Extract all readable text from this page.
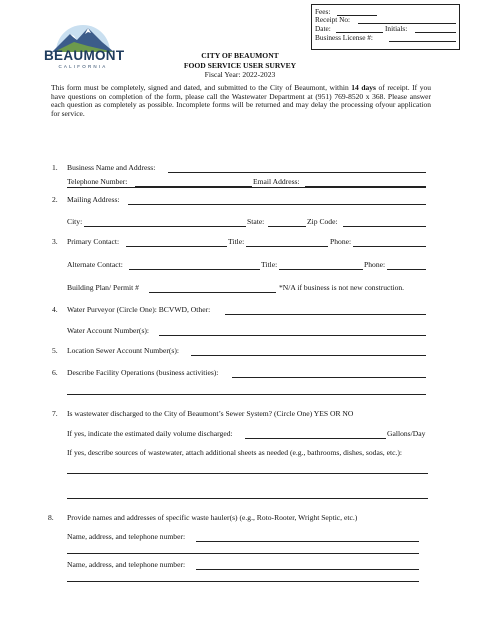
Fees:
Receipt No:
Date:	Initials:
Business License #:
BEAUMONT
CALIFORNIA
CITY OF BEAUMONT
FOOD SERVICE USER SURVEY
Fiscal Year: 2022-2023
This form must be completely, signed and dated, and submitted to the City of Beaumont, within 14 days of receipt. If you have questions on completion of the form, please call the Wastewater Department at (951) 769-8520 x 368. Please answer each question as completely as possible. Incomplete forms will be returned and may delay the processing ofyour application for service.
1. Business Name and Address:
Telephone Number:	Email Address:
2. Mailing Address:
City:	State:	Zip Code:
3. Primary Contact:	Title:	Phone:
Alternate Contact:	Title:	Phone:
Building Plan/ Permit #	*N/A if business is not new construction.
4. Water Purveyor (Circle One): BCVWD, Other:
Water Account Number(s):
5. Location Sewer Account Number(s):
6. Describe Facility Operations (business activities):
7. Is wastewater discharged to the City of Beaumont’s Sewer System? (Circle One) YES OR NO
If yes, indicate the estimated daily volume discharged:	Gallons/Day
If yes, describe sources of wastewater, attach additional sheets as needed (e.g., bathrooms, dishes, sodas, etc.):
8. Provide names and addresses of specific waste hauler(s) (e.g., Roto-Rooter, Wright Septic, etc.)
Name, address, and telephone number:
Name, address, and telephone number:
